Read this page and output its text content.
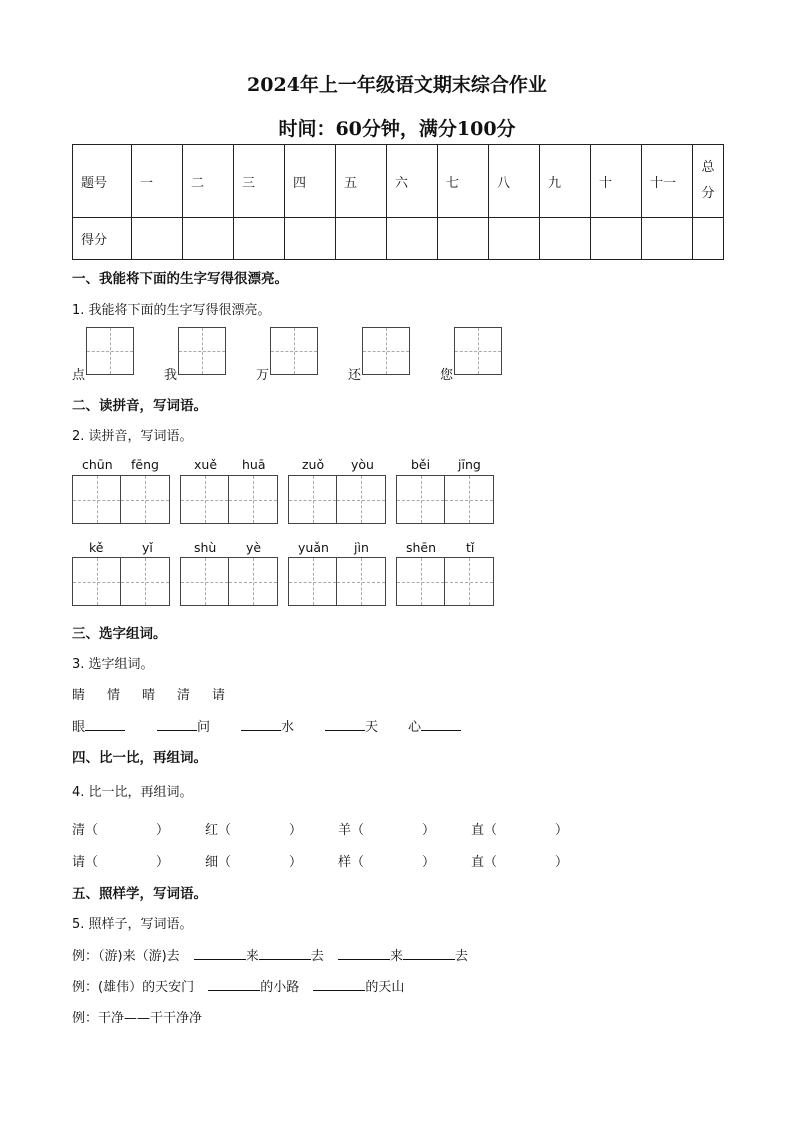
2024年上一年级语文期末综合作业
时间：60分钟，满分100分
题号	一	二	三	四	五	六	七	八	九	十	十一	总
分
得分												
一、我能将下面的生字写得很漂亮。
1. 我能将下面的生字写得很漂亮。
点	我	万	还	您
二、读拼音，写词语。
2. 读拼音，写词语。
chūn fēng	xuě huā	zuǒ yòu	běi jīng
kě	yǐ	shù yè	yuǎn jìn	shēn tǐ
三、选字组词。
3. 选字组词。
睛 情 晴 清 请
眼	问	水	天 心
四、比一比，再组词。
4. 比一比，再组词。
清（	）	红（	）	羊（	）	直（	）
请（	）	细（	）	样（	）	直（	）
五、照样学，写词语。
5. 照样子，写词语。
例：（游)来（游)去	来	去	来	去
例：(雄伟）的天安门	的小路	的天山
例：干净——干干净净
